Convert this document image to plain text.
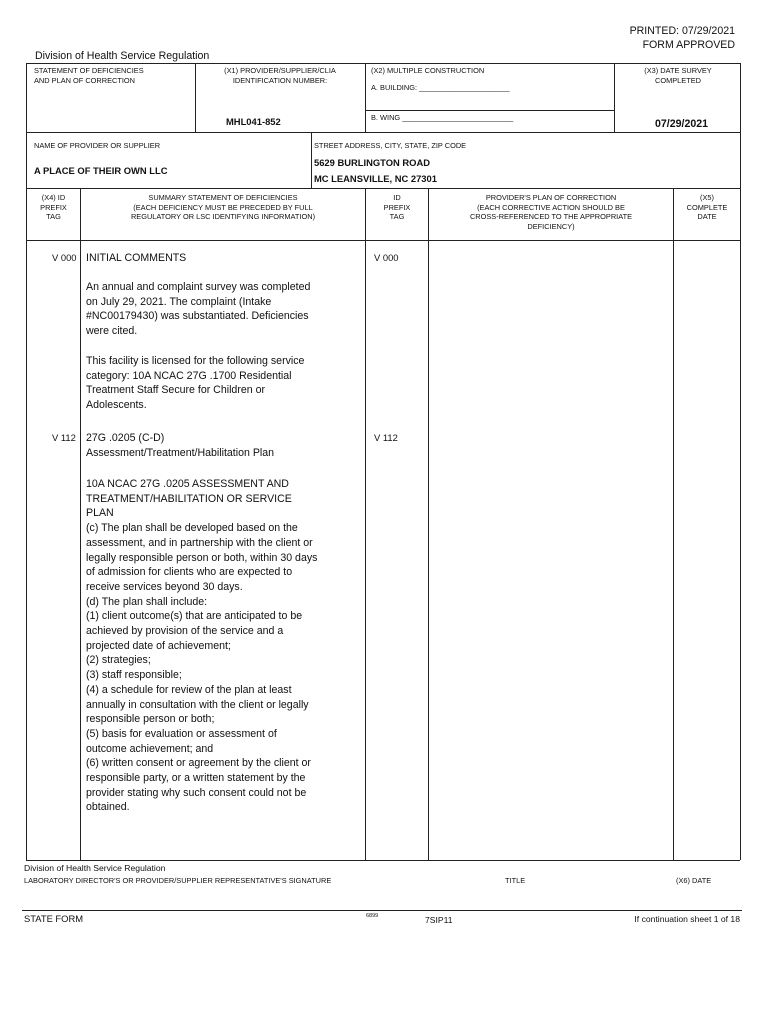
PRINTED: 07/29/2021
FORM APPROVED
Division of Health Service Regulation
STATEMENT OF DEFICIENCIES
AND PLAN OF CORRECTION
(X1) PROVIDER/SUPPLIER/CLIA
IDENTIFICATION NUMBER:
MHL041-852
(X2) MULTIPLE CONSTRUCTION
A. BUILDING: ______________________
B. WING ___________________________
(X3) DATE SURVEY
COMPLETED
07/29/2021
NAME OF PROVIDER OR SUPPLIER
A PLACE OF THEIR OWN LLC
STREET ADDRESS, CITY, STATE, ZIP CODE
5629 BURLINGTON ROAD
MC LEANSVILLE, NC 27301
(X4) ID
PREFIX
TAG
SUMMARY STATEMENT OF DEFICIENCIES
(EACH DEFICIENCY MUST BE PRECEDED BY FULL
REGULATORY OR LSC IDENTIFYING INFORMATION)
ID
PREFIX
TAG
PROVIDER'S PLAN OF CORRECTION
(EACH CORRECTIVE ACTION SHOULD BE
CROSS-REFERENCED TO THE APPROPRIATE
DEFICIENCY)
(X5)
COMPLETE
DATE
V 000	V 000
INITIAL COMMENTS
An annual and complaint survey was completed
on July 29, 2021. The complaint (Intake
#NC00179430) was substantiated. Deficiencies
were cited.
This facility is licensed for the following service
category: 10A NCAC 27G .1700 Residential
Treatment Staff Secure for Children or
Adolescents.
V 112	V 112
27G .0205 (C-D)
Assessment/Treatment/Habilitation Plan
10A NCAC 27G .0205 ASSESSMENT AND
TREATMENT/HABILITATION OR SERVICE
PLAN
(c) The plan shall be developed based on the
assessment, and in partnership with the client or
legally responsible person or both, within 30 days
of admission for clients who are expected to
receive services beyond 30 days.
(d) The plan shall include:
(1) client outcome(s) that are anticipated to be
achieved by provision of the service and a
projected date of achievement;
(2) strategies;
(3) staff responsible;
(4) a schedule for review of the plan at least
annually in consultation with the client or legally
responsible person or both;
(5) basis for evaluation or assessment of
outcome achievement; and
(6) written consent or agreement by the client or
responsible party, or a written statement by the
provider stating why such consent could not be
obtained.
Division of Health Service Regulation
LABORATORY DIRECTOR'S OR PROVIDER/SUPPLIER REPRESENTATIVE'S SIGNATURE	TITLE	(X6) DATE
STATE FORM	6899	7SIP11	If continuation sheet 1 of 18
